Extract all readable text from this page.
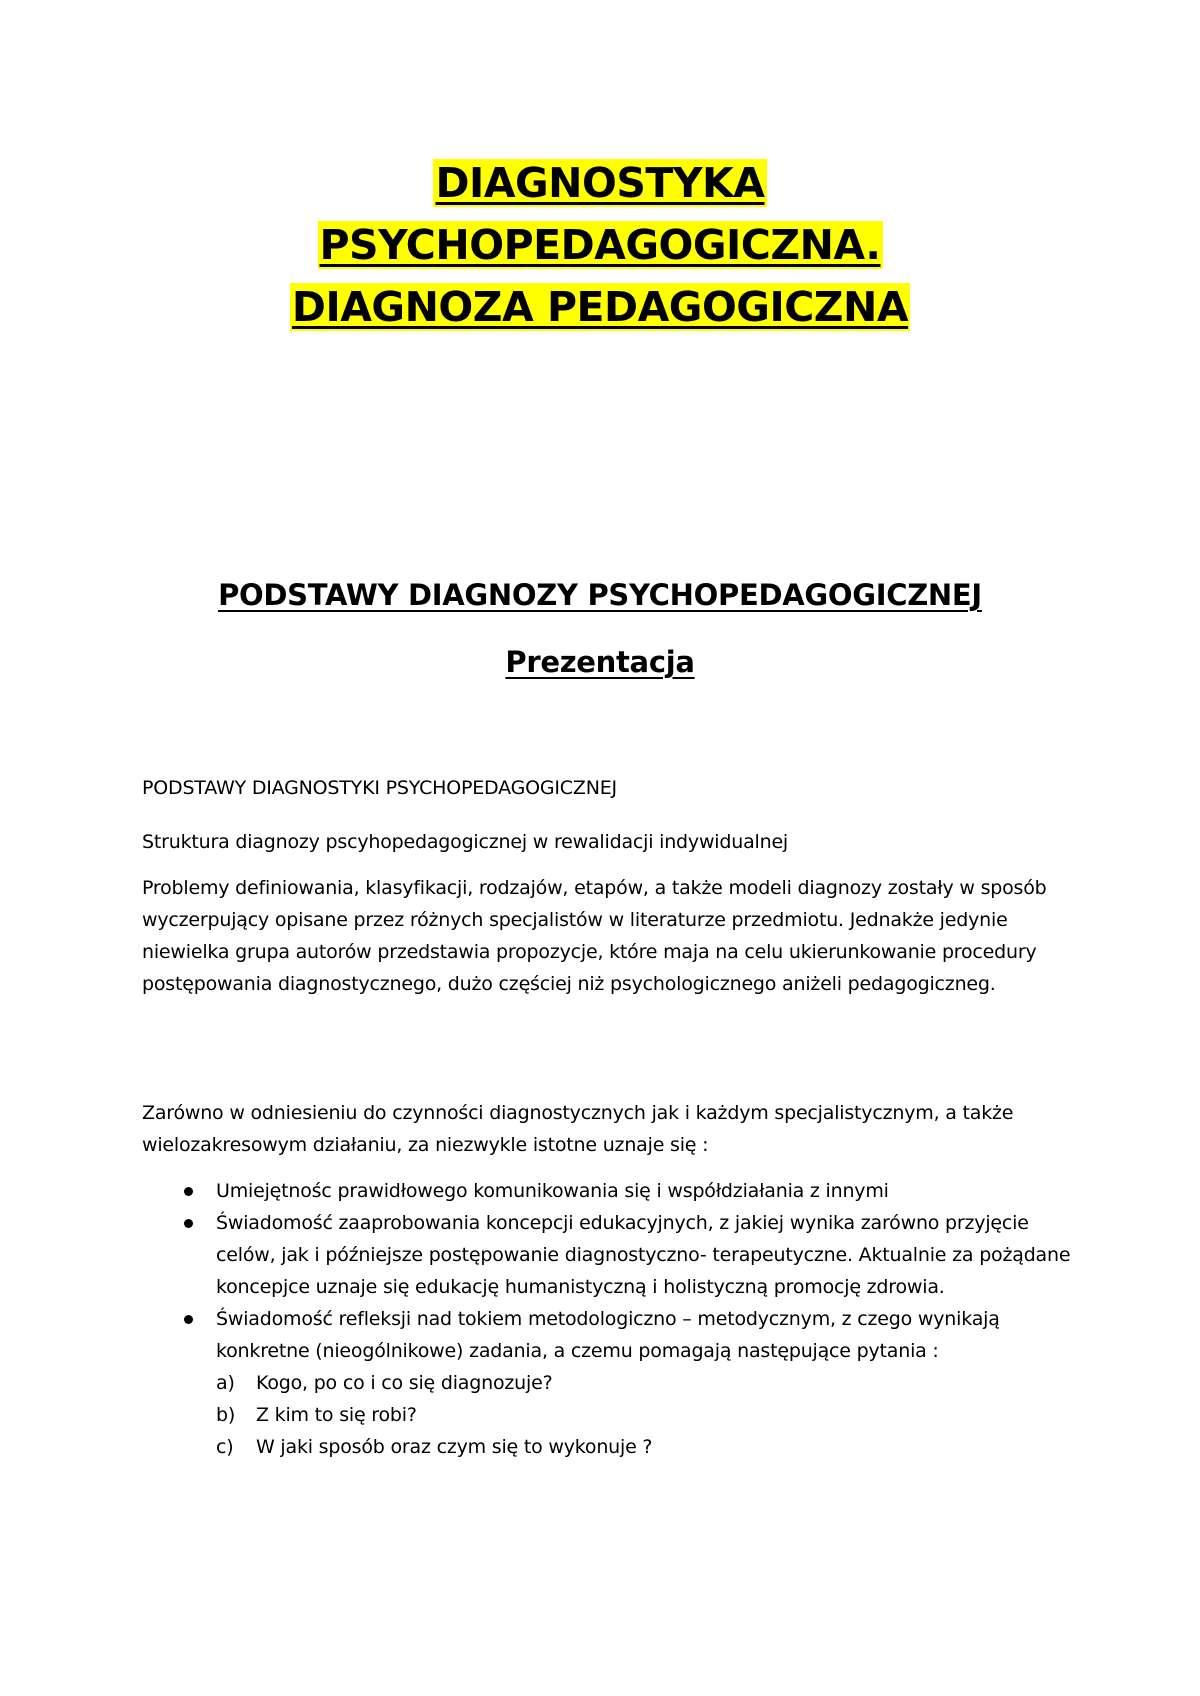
DIAGNOSTYKA
PSYCHOPEDAGOGICZNA.
DIAGNOZA PEDAGOGICZNA
PODSTAWY DIAGNOZY PSYCHOPEDAGOGICZNEJ
Prezentacja
PODSTAWY DIAGNOSTYKI PSYCHOPEDAGOGICZNEJ
Struktura diagnozy pscyhopedagogicznej w rewalidacji indywidualnej
Problemy definiowania, klasyfikacji, rodzajów, etapów, a także modeli diagnozy zostały w sposób wyczerpujący opisane przez różnych specjalistów w literaturze przedmiotu. Jednakże jedynie niewielka grupa autorów przedstawia propozycje, które maja na celu ukierunkowanie procedury postępowania diagnostycznego, dużo częściej niż psychologicznego aniżeli pedagogiczneg.
Zarówno w odniesieniu do czynności diagnostycznych jak i każdym specjalistycznym, a także wielozakresowym działaniu, za niezwykle istotne uznaje się :
Umiejętnośc prawidłowego komunikowania się i współdziałania z innymi
Świadomość zaaprobowania koncepcji edukacyjnych, z jakiej wynika zarówno przyjęcie celów, jak i późniejsze postępowanie diagnostyczno- terapeutyczne. Aktualnie za pożądane koncepjce uznaje się edukację humanistyczną i holistyczną promocję zdrowia.
Świadomość refleksji nad tokiem metodologiczno – metodycznym, z czego wynikają konkretne (nieogólnikowe) zadania, a czemu pomagają następujące pytania :
a) Kogo, po co i co się diagnozuje?
b) Z kim to się robi?
c) W jaki sposób oraz czym się to wykonuje ?
